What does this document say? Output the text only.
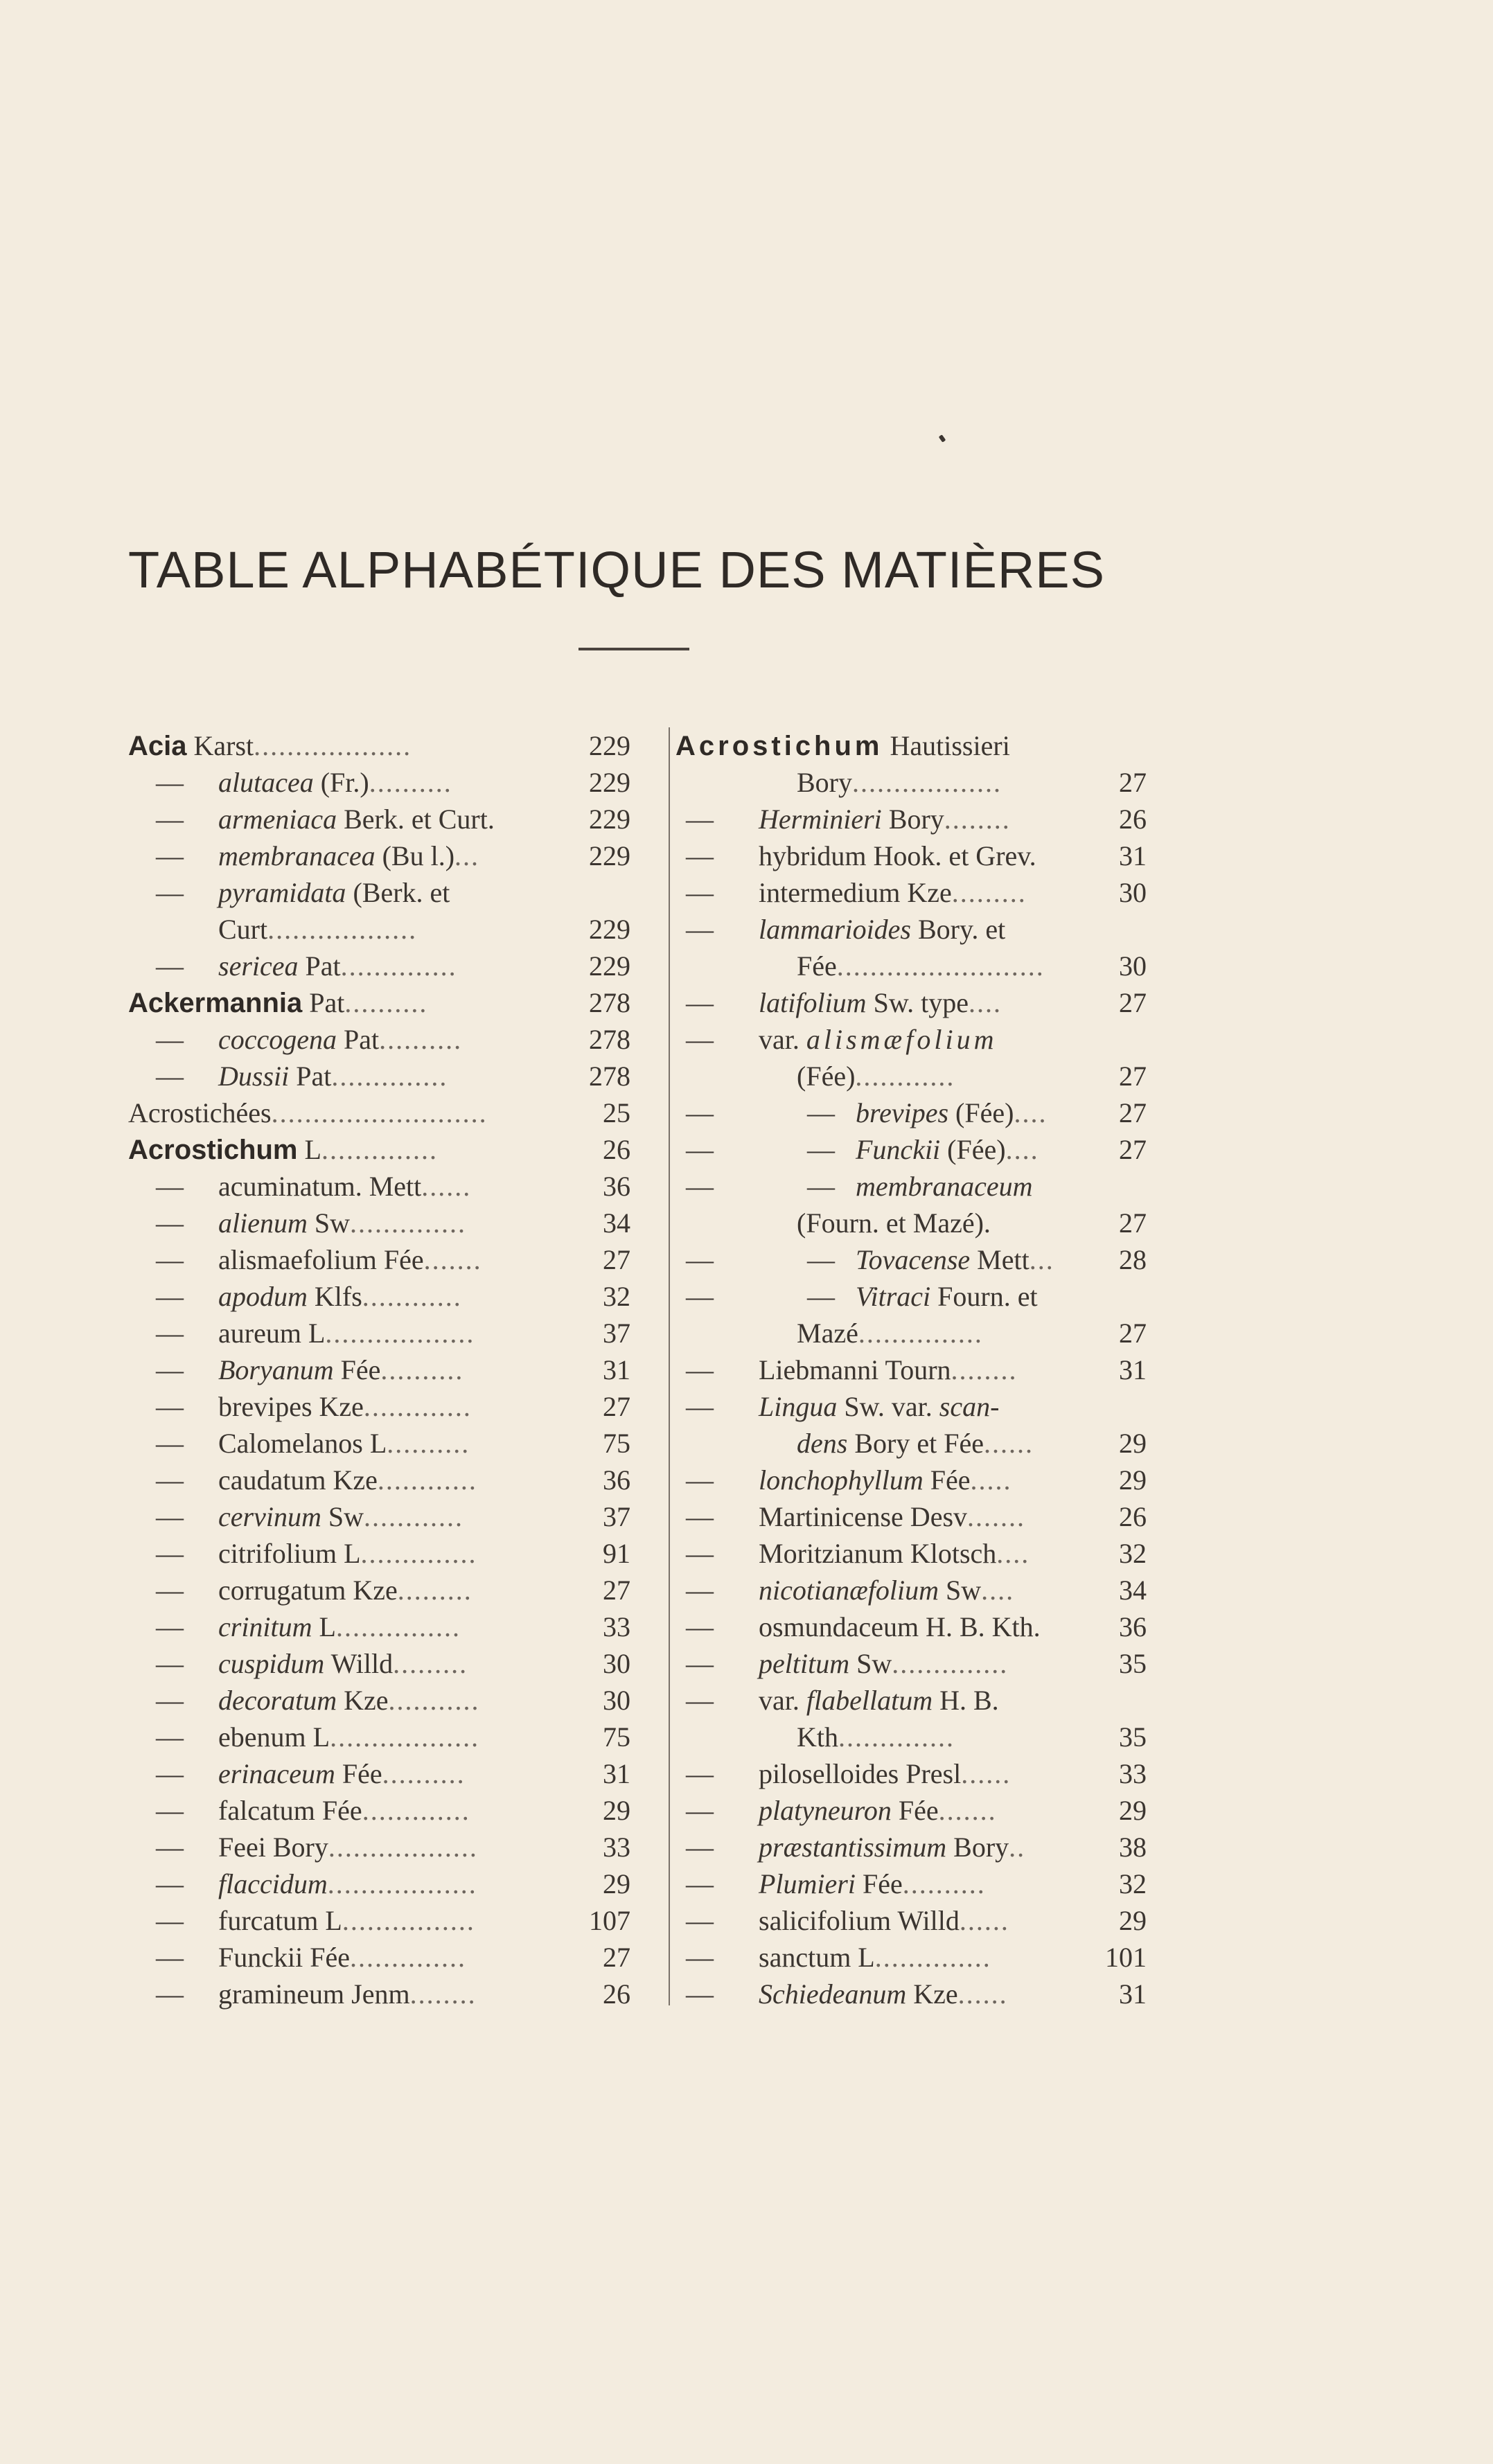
TABLE ALPHABÉTIQUE DES MATIÈRES
Acia Karst...................	229
— alutacea (Fr.)..........	229
— armeniaca Berk. et Curt.	229
— membranacea (Bu l.)...	229
— pyramidata (Berk. et
Curt..................	229
— sericea Pat..............	229
Ackermannia Pat..........	278
— coccogena Pat..........	278
— Dussii Pat..............	278
Acrostichées..........................	25
Acrostichum L..............	26
— acuminatum. Mett......	36
— alienum Sw..............	34
— alismaefolium Fée.......	27
— apodum Klfs............	32
— aureum L..................	37
— Boryanum Fée..........	31
— brevipes Kze.............	27
— Calomelanos L..........	75
— caudatum Kze............	36
— cervinum Sw............	37
— citrifolium L..............	91
— corrugatum Kze.........	27
— crinitum L...............	33
— cuspidum Willd.........	30
— decoratum Kze...........	30
— ebenum L..................	75
— erinaceum Fée..........	31
— falcatum Fée.............	29
— Feei Bory..................	33
— flaccidum..................	29
— furcatum L................	107
— Funckii Fée..............	27
— gramineum Jenm........	26
Acrostichum Hautissieri
Bory..................	27
— Herminieri Bory........	26
— hybridum Hook. et Grev.	31
— intermedium Kze.........	30
— lammarioides Bory. et
Fée.........................	30
— latifolium Sw. type....	27
— var. alismæfolium
(Fée)............	27
—	— brevipes (Fée)....	27
—	— Funckii (Fée)....	27
—	— membranaceum
(Fourn. et Mazé).	27
—	— Tovacense Mett... 28
—	— Vitraci Fourn. et
Mazé...............	27
— Liebmanni Tourn........	31
— Lingua Sw. var. scan-
dens Bory et Fée......	29
— lonchophyllum Fée.....	29
— Martinicense Desv.......	26
— Moritzianum Klotsch....	32
— nicotianæfolium Sw....	34
— osmundaceum H. B. Kth.	36
— peltitum Sw..............	35
— var. flabellatum H. B.
Kth..............	35
— piloselloides Presl......	33
— platyneuron Fée.......	29
— præstantissimum Bory..	38
— Plumieri Fée..........	32
— salicifolium Willd......	29
— sanctum L..............	101
— Schiedeanum Kze......	31
